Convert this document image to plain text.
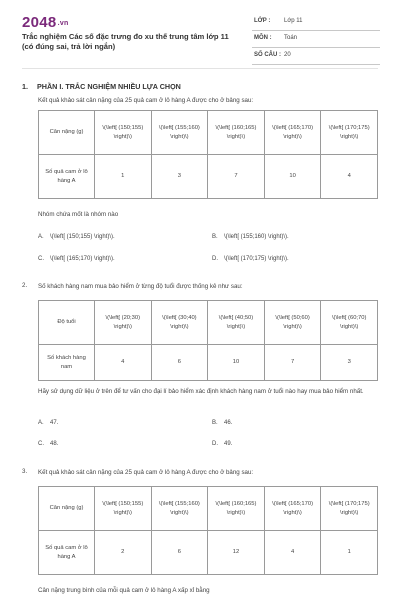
2048.vn
Trắc nghiệm Các số đặc trưng đo xu thế trung tâm lớp 11 (có đúng sai, trả lời ngắn)
LỚP : Lớp 11
MÔN : Toán
SỐ CÂU : 20
1. PHẦN I. TRẮC NGHIỆM NHIỀU LỰA CHỌN
Kết quả khảo sát cân nặng của 25 quả cam ở lô hàng A được cho ở bảng sau:
Cân nặng (g)	\(\left[ (150;155) \right)\)	\(\left[ (155;160) \right)\)	\(\left[ (160;165) \right)\)	\(\left[ (165;170) \right)\)	\(\left[ (170;175) \right)\)
Số quả cam ở lô hàng A	1	3	7	10	4
Nhóm chứa mốt là nhóm nào
A. \(\left[ (150;155) \right)\).	B. \(\left[ (155;160) \right)\).
C. \(\left[ (165;170) \right)\).	D. \(\left[ (170;175) \right)\).
2.	Số khách hàng nam mua bảo hiểm ở từng độ tuổi được thống kê như sau:
Độ tuổi	\(\left[ (20;30) \right)\)	\(\left[ (30;40) \right)\)	\(\left[ (40;50) \right)\)	\(\left[ (50;60) \right)\)	\(\left[ (60;70) \right)\)
Số khách hàng nam	4	6	10	7	3
Hãy sử dụng dữ liệu ở trên để tư vấn cho đại lí bảo hiểm xác định khách hàng nam ở tuổi nào hay mua bảo hiểm nhất.
A. 47.	B. 46.
C. 48.	D. 49.
3.	Kết quả khảo sát cân nặng của 25 quả cam ở lô hàng A được cho ở bảng sau:
Cân nặng (g)	\(\left[ (150;155) \right)\)	\(\left[ (155;160) \right)\)	\(\left[ (160;165) \right)\)	\(\left[ (165;170) \right)\)	\(\left[ (170;175) \right)\)
Số quả cam ở lô hàng A	2	6	12	4	1
Cân nặng trung bình của mỗi quả cam ở lô hàng A xấp xỉ bằng
